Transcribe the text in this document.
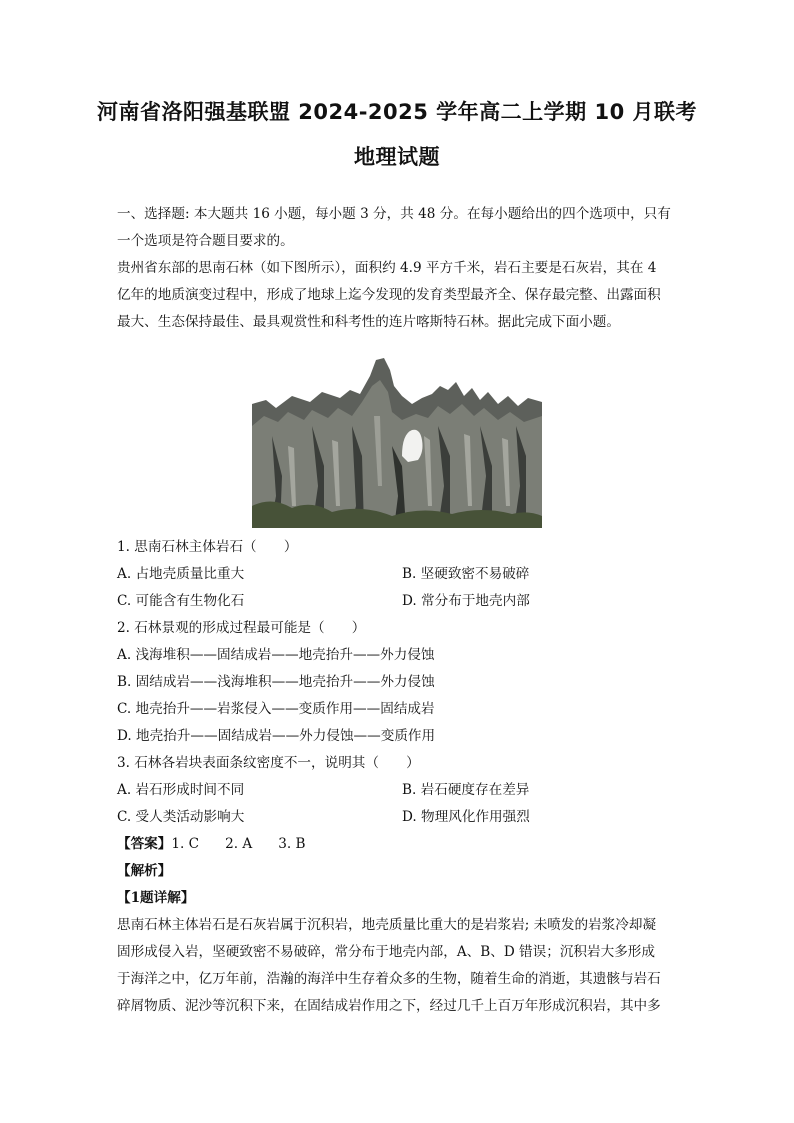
河南省洛阳强基联盟 2024-2025 学年高二上学期 10 月联考
地理试题
一、选择题: 本大题共 16 小题，每小题 3 分，共 48 分。在每小题给出的四个选项中，只有
一个选项是符合题目要求的。
贵州省东部的思南石林（如下图所示），面积约 4.9 平方千米，岩石主要是石灰岩，其在 4
亿年的地质演变过程中，形成了地球上迄今发现的发育类型最齐全、保存最完整、出露面积
最大、生态保持最佳、最具观赏性和科考性的连片喀斯特石林。据此完成下面小题。
1. 思南石林主体岩石（　　）
A. 占地壳质量比重大	B. 坚硬致密不易破碎
C. 可能含有生物化石	D. 常分布于地壳内部
2. 石林景观的形成过程最可能是（　　）
A. 浅海堆积——固结成岩——地壳抬升——外力侵蚀
B. 固结成岩——浅海堆积——地壳抬升——外力侵蚀
C. 地壳抬升——岩浆侵入——变质作用——固结成岩
D. 地壳抬升——固结成岩——外力侵蚀——变质作用
3. 石林各岩块表面条纹密度不一，说明其（　　）
A. 岩石形成时间不同	B. 岩石硬度存在差异
C. 受人类活动影响大	D. 物理风化作用强烈
【答案】1. C 2. A 3. B
【解析】
【1题详解】
思南石林主体岩石是石灰岩属于沉积岩，地壳质量比重大的是岩浆岩; 未喷发的岩浆冷却凝
固形成侵入岩，坚硬致密不易破碎，常分布于地壳内部，A、B、D 错误；沉积岩大多形成
于海洋之中，亿万年前，浩瀚的海洋中生存着众多的生物，随着生命的消逝，其遗骸与岩石
碎屑物质、泥沙等沉积下来，在固结成岩作用之下，经过几千上百万年形成沉积岩，其中多
